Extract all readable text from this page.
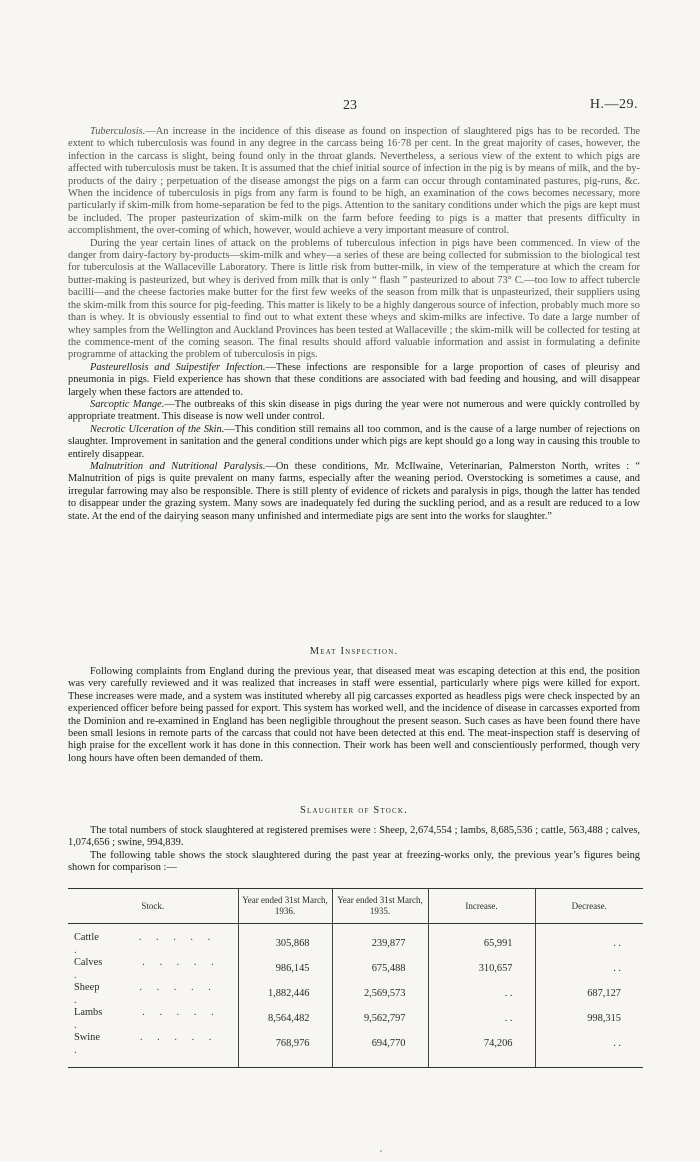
23	H.—29.

Tuberculosis.—An increase in the incidence of this disease as found on inspection of slaughtered pigs has to be recorded. The extent to which tuberculosis was found in any degree in the carcass being 16·78 per cent. In the great majority of cases, however, the infection in the carcass is slight, being found only in the throat glands. Nevertheless, a serious view of the extent to which pigs are affected with tuberculosis must be taken. It is assumed that the chief initial source of infection in the pig is by means of milk, and the by-products of the dairy ; perpetuation of the disease amongst the pigs on a farm can occur through contaminated pastures, pig-runs, &c. When the incidence of tuberculosis in pigs from any farm is found to be high, an examination of the cows becomes necessary, more particularly if skim-milk from home-separation be fed to the pigs. Attention to the sanitary conditions under which the pigs are kept must be included. The proper pasteurization of skim-milk on the farm before feeding to pigs is a matter that presents difficulty in accomplishment, the over-coming of which, however, would achieve a very important measure of control.

During the year certain lines of attack on the problems of tuberculous infection in pigs have been commenced. In view of the danger from dairy-factory by-products—skim-milk and whey—a series of these are being collected for submission to the biological test for tuberculosis at the Wallaceville Laboratory. There is little risk from butter-milk, in view of the temperature at which the cream for butter-making is pasteurized, but whey is derived from milk that is only “ flash ” pasteurized to about 73° C.—too low to affect tubercle bacilli—and the cheese factories make butter for the first few weeks of the season from milk that is unpasteurized, their suppliers using the skim-milk from this source for pig-feeding. This matter is likely to be a highly dangerous source of infection, probably much more so than is whey. It is obviously essential to find out to what extent these wheys and skim-milks are infective. To date a large number of whey samples from the Wellington and Auckland Provinces has been tested at Wallaceville ; the skim-milk will be collected for testing at the commence-ment of the coming season. The final results should afford valuable information and assist in formulating a definite programme of attacking the problem of tuberculosis in pigs.

Pasteurellosis and Suipestifer Infection.—These infections are responsible for a large proportion of cases of pleurisy and pneumonia in pigs. Field experience has shown that these conditions are associated with bad feeding and housing, and will disappear largely when these factors are attended to.

Sarcoptic Mange.—The outbreaks of this skin disease in pigs during the year were not numerous and were quickly controlled by appropriate treatment. This disease is now well under control.

Necrotic Ulceration of the Skin.—This condition still remains all too common, and is the cause of a large number of rejections on slaughter. Improvement in sanitation and the general conditions under which pigs are kept should go a long way in causing this trouble to entirely disappear.

Malnutrition and Nutritional Paralysis.—On these conditions, Mr. McIlwaine, Veterinarian, Palmerston North, writes : “ Malnutrition of pigs is quite prevalent on many farms, especially after the weaning period. Overstocking is sometimes a cause, and irregular farrowing may also be responsible. There is still plenty of evidence of rickets and paralysis in pigs, though the latter has tended to disappear under the grazing system. Many sows are inadequately fed during the suckling period, and as a result are reduced to a low state. At the end of the dairying season many unfinished and intermediate pigs are sent into the works for slaughter.”

Meat Inspection.

Following complaints from England during the previous year, that diseased meat was escaping detection at this end, the position was very carefully reviewed and it was realized that increases in staff were essential, particularly where pigs were killed for export. These increases were made, and a system was instituted whereby all pig carcasses exported as headless pigs were check inspected by an experienced officer before being passed for export. This system has worked well, and the incidence of disease in carcasses exported from the Dominion and re-examined in England has been negligible throughout the present season. Such cases as have been found there have been small lesions in remote parts of the carcass that could not have been detected at this end. The meat-inspection staff is deserving of high praise for the excellent work it has done in this connection. Their work has been well and conscientiously performed, though very long hours have often been demanded of them.

Slaughter of Stock.

The total numbers of stock slaughtered at registered premises were : Sheep, 2,674,554 ; lambs, 8,685,536 ; cattle, 563,488 ; calves, 1,074,656 ; swine, 994,839.

The following table shows the stock slaughtered during the past year at freezing-works only, the previous year’s figures being shown for comparison :—

Stock.	Year ended 31st March, 1936.	Year ended 31st March, 1935.	Increase.	Decrease.
Cattle . . . . . .	305,868	239,877	65,991	. .
Calves . . . . . .	986,145	675,488	310,657	. .
Sheep . . . . . .	1,882,446	2,569,573	. .	687,127
Lambs . . . . . .	8,564,482	9,562,797	. .	998,315
Swine . . . . . .	768,976	694,770	74,206	. .
